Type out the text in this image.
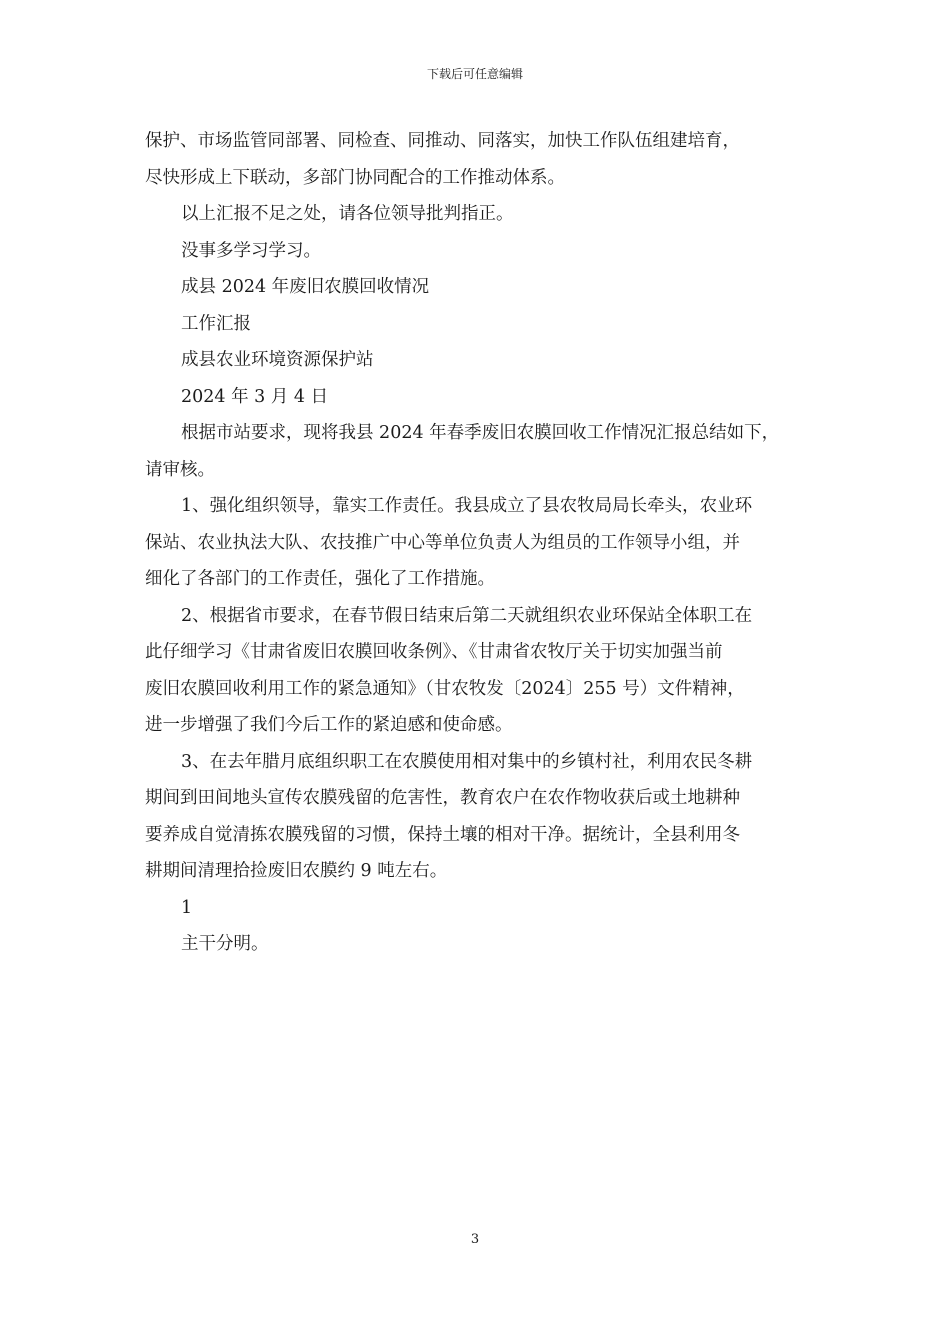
下载后可任意编辑

保护、市场监管同部署、同检查、同推动、同落实，加快工作队伍组建培育，

尽快形成上下联动，多部门协同配合的工作推动体系。

以上汇报不足之处，请各位领导批判指正。

没事多学习学习。

成县 2024 年废旧农膜回收情况

工作汇报

成县农业环境资源保护站

2024 年 3 月 4 日

根据市站要求，现将我县 2024 年春季废旧农膜回收工作情况汇报总结如下，

请审核。

1、强化组织领导，靠实工作责任。我县成立了县农牧局局长牵头，农业环

保站、农业执法大队、农技推广中心等单位负责人为组员的工作领导小组，并

细化了各部门的工作责任，强化了工作措施。

2、根据省市要求，在春节假日结束后第二天就组织农业环保站全体职工在

此仔细学习《甘肃省废旧农膜回收条例》、《甘肃省农牧厅关于切实加强当前

废旧农膜回收利用工作的紧急通知》（甘农牧发〔2024〕255 号）文件精神，

进一步增强了我们今后工作的紧迫感和使命感。

3、在去年腊月底组织职工在农膜使用相对集中的乡镇村社，利用农民冬耕

期间到田间地头宣传农膜残留的危害性，教育农户在农作物收获后或土地耕种

要养成自觉清拣农膜残留的习惯，保持土壤的相对干净。据统计，全县利用冬

耕期间清理拾捡废旧农膜约 9 吨左右。

1

主干分明。

3
